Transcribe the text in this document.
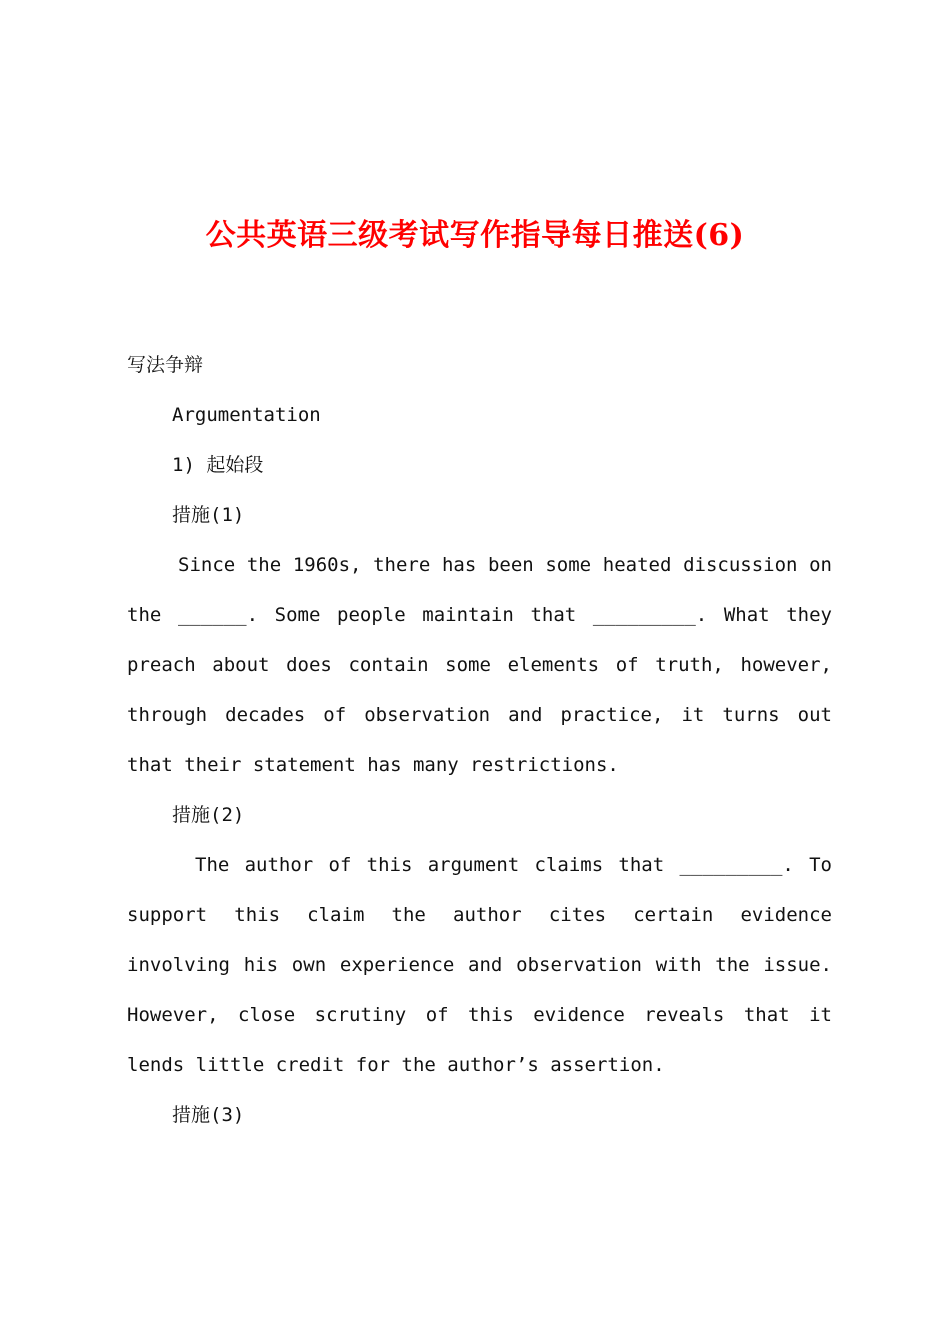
公共英语三级考试写作指导每日推送(6)
写法争辩
Argumentation
1) 起始段
措施(1)

Since the 1960s, there has been some heated discussion on the ______. Some people maintain that _________. What they preach about does contain some elements of truth, however, through decades of observation and practice, it turns out that their statement has many restrictions.

措施(2)

The author of this argument claims that _________. To support this claim the author cites certain evidence involving his own experience and observation with the issue. However, close scrutiny of this evidence reveals that it lends little credit for the author’s assertion.

措施(3)
